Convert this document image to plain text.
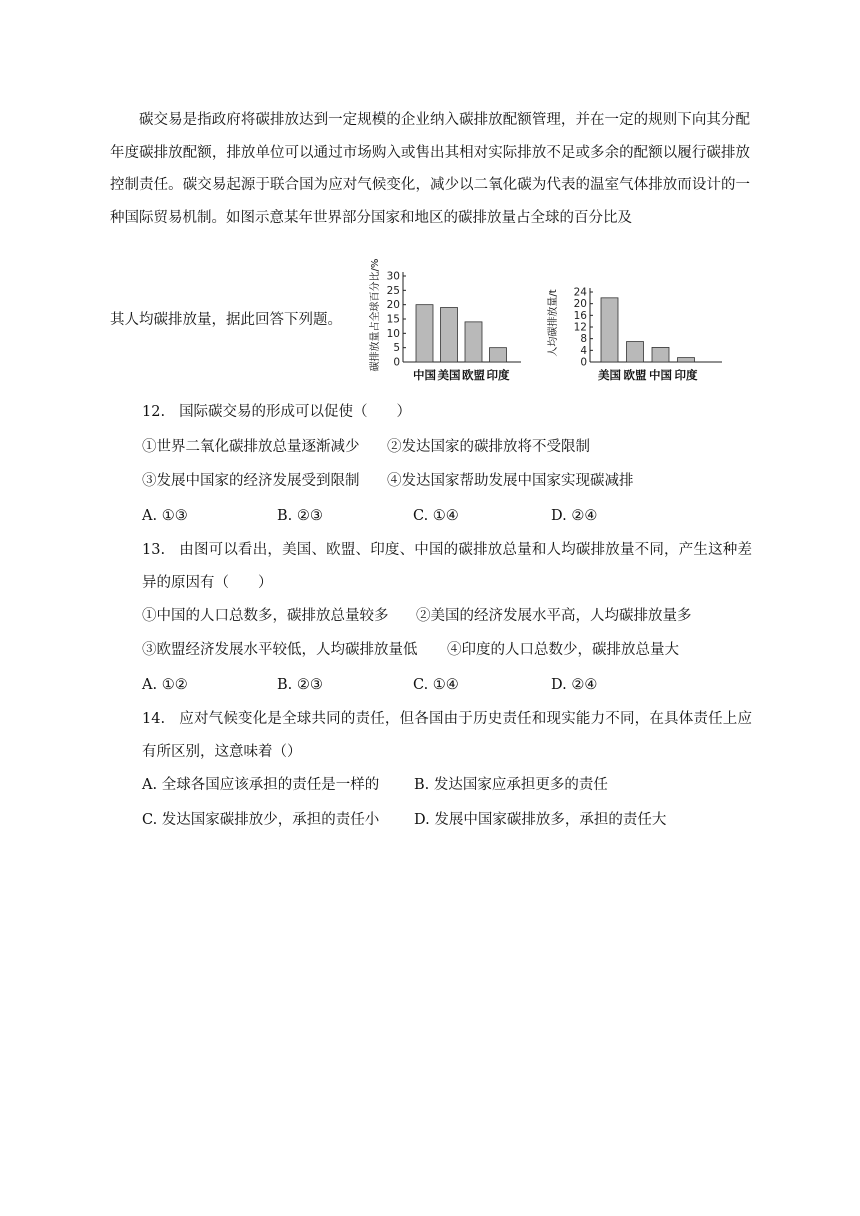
碳交易是指政府将碳排放达到一定规模的企业纳入碳排放配额管理，并在一定的规则下向其分配年度碳排放配额，排放单位可以通过市场购入或售出其相对实际排放不足或多余的配额以履行碳排放控制责任。碳交易起源于联合国为应对气候变化，减少以二氧化碳为代表的温室气体排放而设计的一种国际贸易机制。如图示意某年世界部分国家和地区的碳排放量占全球的百分比及

其人均碳排放量，据此回答下列题。

0
5
10
15
20
25
30
中国 美国 欧盟 印度
碳排放量占全球百分比/%	0
4
8
12
16
20
24
美国 欧盟 中国 印度
人均碳排放量/t

12. 国际碳交易的形成可以促使（　　）

①世界二氧化碳排放总量逐渐减少 ②发达国家的碳排放将不受限制

③发展中国家的经济发展受到限制 ④发达国家帮助发展中国家实现碳减排

A. ①③	B. ②③	C. ①④	D. ②④

13. 由图可以看出，美国、欧盟、印度、中国的碳排放总量和人均碳排放量不同，产生这种差异的原因有（　　）

①中国的人口总数多，碳排放总量较多 ②美国的经济发展水平高，人均碳排放量多

③欧盟经济发展水平较低，人均碳排放量低 ④印度的人口总数少，碳排放总量大

A. ①②	B. ②③	C. ①④	D. ②④

14. 应对气候变化是全球共同的责任，但各国由于历史责任和现实能力不同，在具体责任上应有所区别，这意味着（）

A. 全球各国应该承担的责任是一样的 B. 发达国家应承担更多的责任

C. 发达国家碳排放少，承担的责任小 D. 发展中国家碳排放多，承担的责任大
